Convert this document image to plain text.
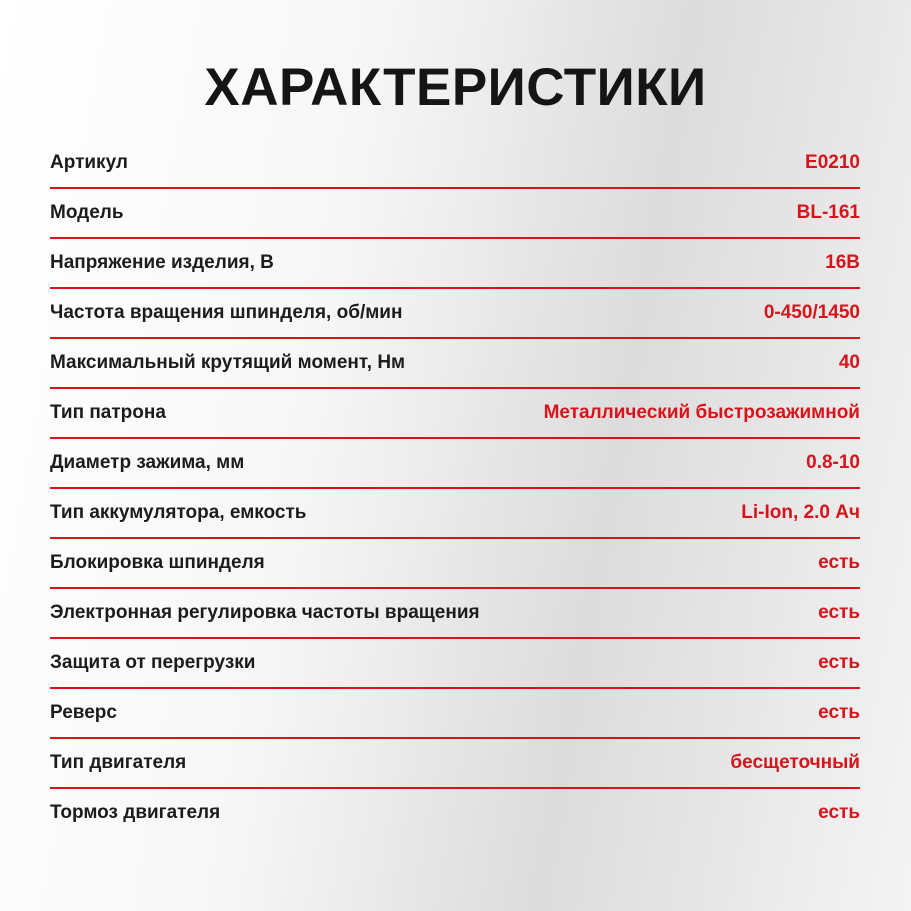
ХАРАКТЕРИСТИКИ
Артикул	E0210
Модель	BL-161
Напряжение изделия, В	16В
Частота вращения шпинделя, об/мин	0-450/1450
Максимальный крутящий момент, Нм	40
Тип патрона	Металлический быстрозажимной
Диаметр зажима, мм	0.8-10
Тип аккумулятора, емкость	Li-Ion, 2.0 Ач
Блокировка шпинделя	есть
Электронная регулировка частоты вращения	есть
Защита от перегрузки	есть
Реверс	есть
Тип двигателя	бесщеточный
Тормоз двигателя	есть
